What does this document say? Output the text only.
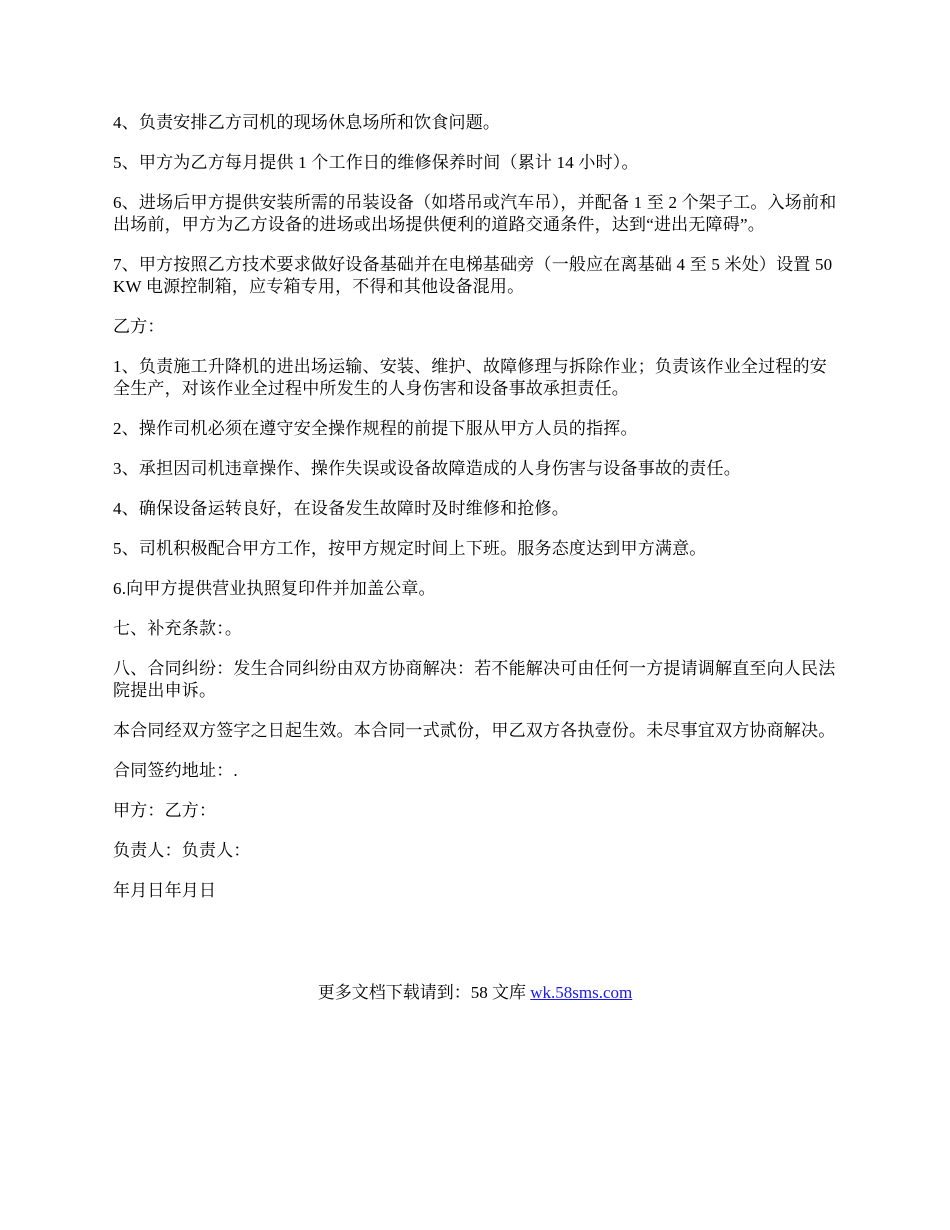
4、负责安排乙方司机的现场休息场所和饮食问题。

5、甲方为乙方每月提供 1 个工作日的维修保养时间（累计 14 小时）。

6、进场后甲方提供安装所需的吊装设备（如塔吊或汽车吊），并配备 1 至 2 个架子工。入场前和出场前，甲方为乙方设备的进场或出场提供便利的道路交通条件，达到“进出无障碍”。

7、甲方按照乙方技术要求做好设备基础并在电梯基础旁（一般应在离基础 4 至 5 米处）设置 50KW 电源控制箱，应专箱专用，不得和其他设备混用。

乙方：

1、负责施工升降机的进出场运输、安装、维护、故障修理与拆除作业；负责该作业全过程的安全生产，对该作业全过程中所发生的人身伤害和设备事故承担责任。

2、操作司机必须在遵守安全操作规程的前提下服从甲方人员的指挥。

3、承担因司机违章操作、操作失误或设备故障造成的人身伤害与设备事故的责任。

4、确保设备运转良好，在设备发生故障时及时维修和抢修。

5、司机积极配合甲方工作，按甲方规定时间上下班。服务态度达到甲方满意。

6.向甲方提供营业执照复印件并加盖公章。

七、补充条款：。

八、合同纠纷：发生合同纠纷由双方协商解决：若不能解决可由任何一方提请调解直至向人民法院提出申诉。

本合同经双方签字之日起生效。本合同一式贰份，甲乙双方各执壹份。未尽事宜双方协商解决。

合同签约地址：.

甲方：乙方：

负责人：负责人：

年月日年月日

更多文档下载请到：58 文库 wk.58sms.com
